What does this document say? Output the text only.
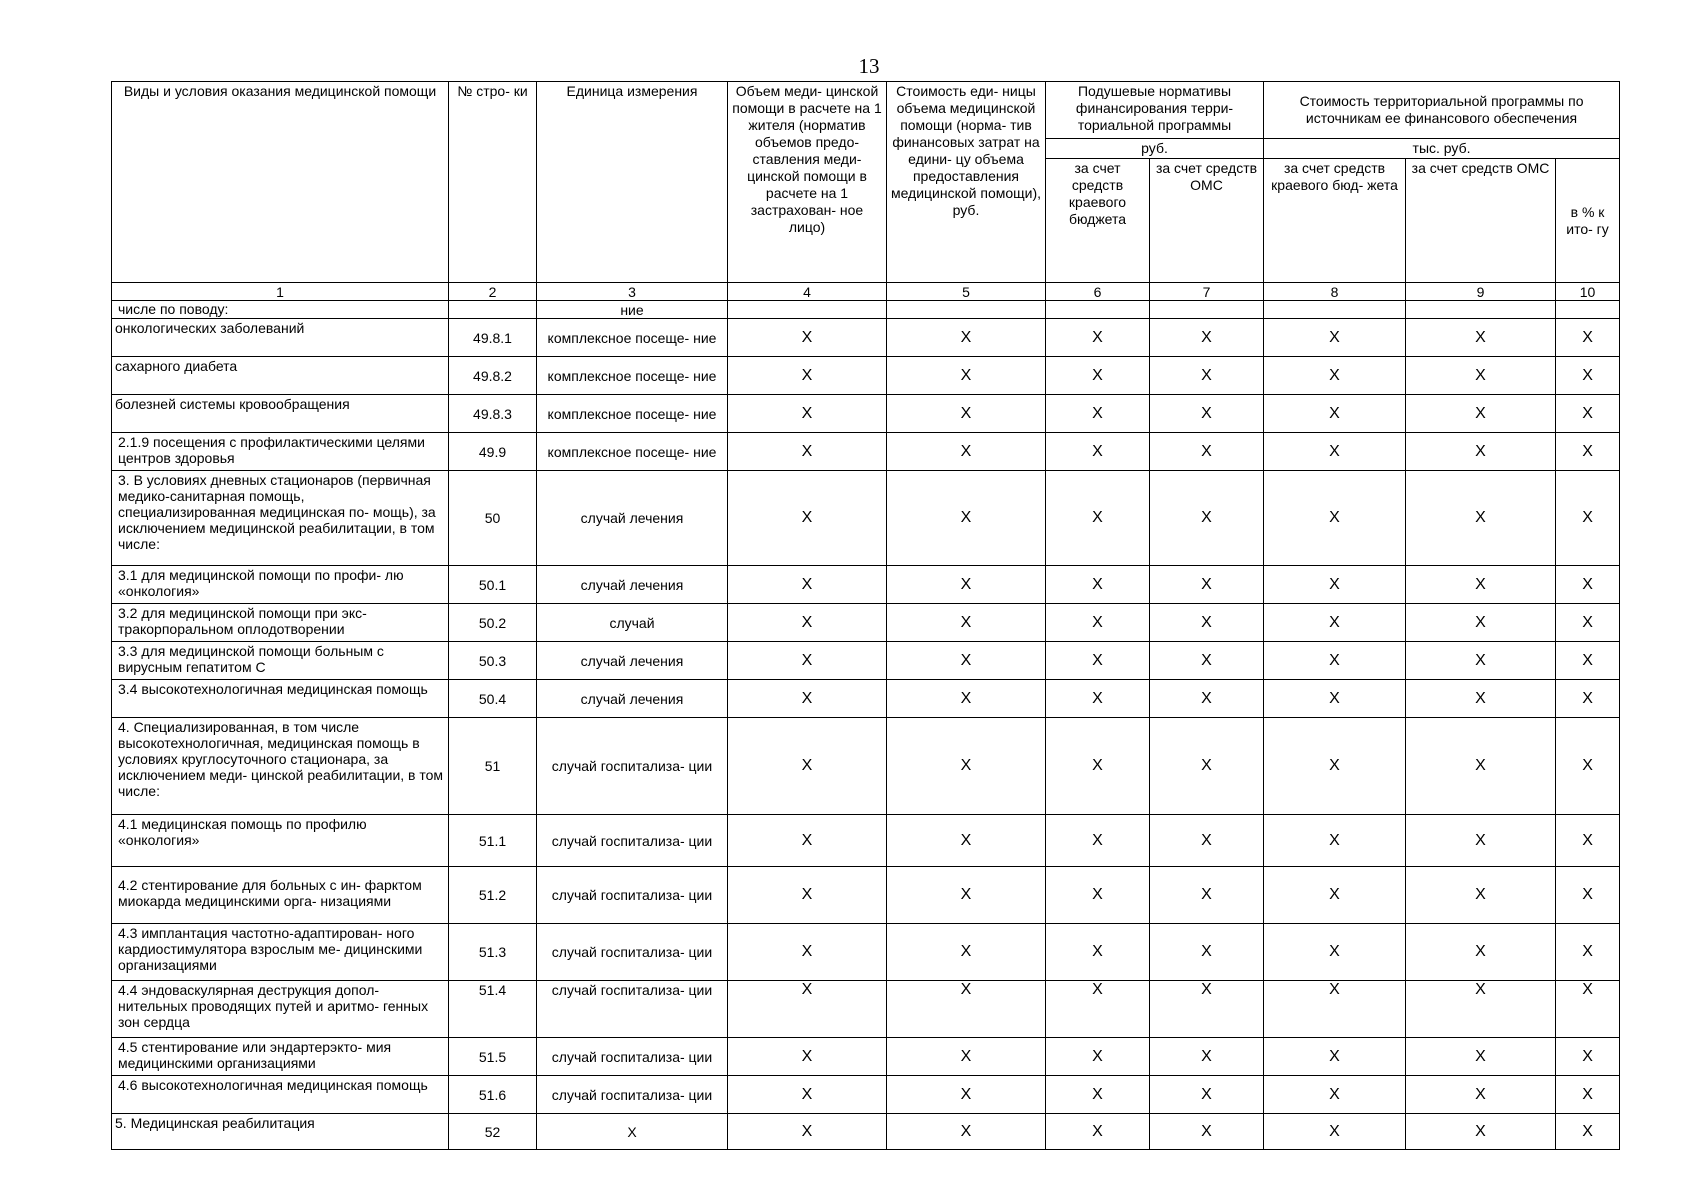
13
Виды и условия оказания медицинской помощи	№ стро- ки	Единица измерения	Объем меди- цинской помощи в расчете на 1 жителя (норматив объемов предо- ставления меди- цинской помощи в расчете на 1 застрахован- ное лицо)	Стоимость еди- ницы объема медицинской помощи (норма- тив финансовых затрат на едини- цу объема предоставления медицинской помощи), руб.	Подушевые нормативы финансирования терри- ториальной программы		Стоимость территориальной программы по источникам ее финансового обеспечения		
					руб.		тыс. руб.		
					за счет средств краевого бюджета	за счет средств ОМС	за счет средств краевого бюд- жета	за счет средств ОМС	в % к ито- гу
1	2	3	4	5	6	7	8	9	10
числе по поводу:		ние							
онкологических заболеваний	49.8.1	комплексное посеще- ние	Х	Х	Х	Х	Х	Х	Х
сахарного диабета	49.8.2	комплексное посеще- ние	Х	Х	Х	Х	Х	Х	Х
болезней системы кровообращения	49.8.3	комплексное посеще- ние	Х	Х	Х	Х	Х	Х	Х
2.1.9 посещения с профилактическими целями центров здоровья	49.9	комплексное посеще- ние	Х	Х	Х	Х	Х	Х	Х
3. В условиях дневных стационаров (первичная медико-санитарная помощь, специализированная медицинская по- мощь), за исключением медицинской реабилитации, в том числе:	50	случай лечения	Х	Х	Х	Х	Х	Х	Х
3.1 для медицинской помощи по профи- лю «онкология»	50.1	случай лечения	Х	Х	Х	Х	Х	Х	Х
3.2 для медицинской помощи при экс- тракорпоральном оплодотворении	50.2	случай	Х	Х	Х	Х	Х	Х	Х
3.3 для медицинской помощи больным с вирусным гепатитом С	50.3	случай лечения	Х	Х	Х	Х	Х	Х	Х
3.4 высокотехнологичная медицинская помощь	50.4	случай лечения	Х	Х	Х	Х	Х	Х	Х
4. Специализированная, в том числе высокотехнологичная, медицинская помощь в условиях круглосуточного стационара, за исключением меди- цинской реабилитации, в том числе:	51	случай госпитализа- ции	Х	Х	Х	Х	Х	Х	Х
4.1 медицинская помощь по профилю «онкология»	51.1	случай госпитализа- ции	Х	Х	Х	Х	Х	Х	Х
4.2 стентирование для больных с ин- фарктом миокарда медицинскими орга- низациями	51.2	случай госпитализа- ции	Х	Х	Х	Х	Х	Х	Х
4.3 имплантация частотно-адаптирован- ного кардиостимулятора взрослым ме- дицинскими организациями	51.3	случай госпитализа- ции	Х	Х	Х	Х	Х	Х	Х
4.4 эндоваскулярная деструкция допол- нительных проводящих путей и аритмо- генных зон сердца	51.4	случай госпитализа- ции	Х	Х	Х	Х	Х	Х	Х
4.5 стентирование или эндартерэкто- мия медицинскими организациями	51.5	случай госпитализа- ции	Х	Х	Х	Х	Х	Х	Х
4.6 высокотехнологичная медицинская помощь	51.6	случай госпитализа- ции	Х	Х	Х	Х	Х	Х	Х
5. Медицинская реабилитация	52	Х	Х	Х	Х	Х	Х	Х	Х
